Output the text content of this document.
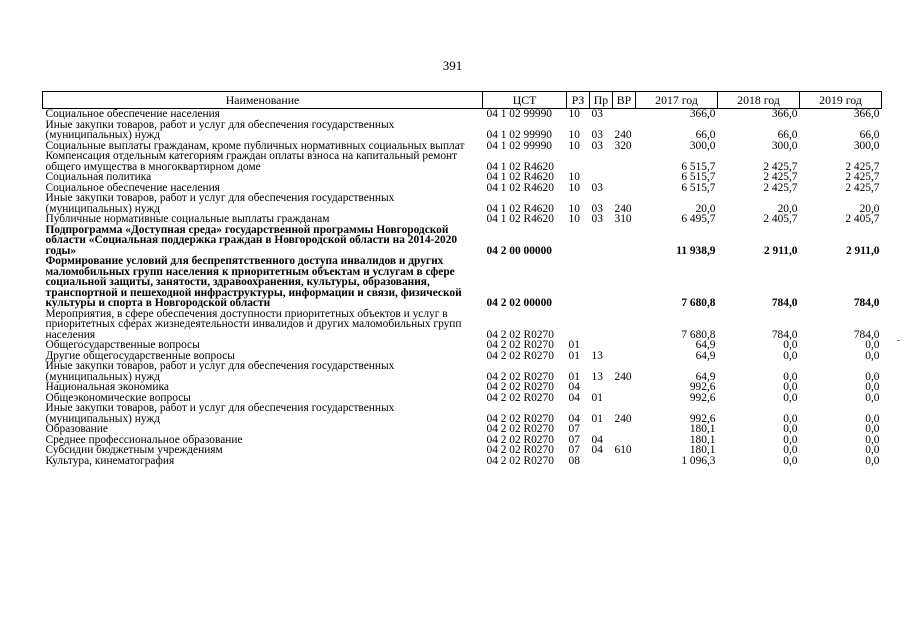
391
Наименование	ЦСТ	РЗ	Пр	ВР	2017 год	2018 год	2019 год
Социальное обеспечение населения	04 1 02 99990	10	03		366,0	366,0	366,0
Иные закупки товаров, работ и услуг для обеспечения государственных (муниципальных) нужд	04 1 02 99990	10	03	240	66,0	66,0	66,0
Социальные выплаты гражданам, кроме публичных нормативных социальных выплат	04 1 02 99990	10	03	320	300,0	300,0	300,0
Компенсация отдельным категориям граждан оплаты взноса на капитальный ремонт общего имущества в многоквартирном доме	04 1 02 R4620				6 515,7	2 425,7	2 425,7
Социальная политика	04 1 02 R4620	10			6 515,7	2 425,7	2 425,7
Социальное обеспечение населения	04 1 02 R4620	10	03		6 515,7	2 425,7	2 425,7
Иные закупки товаров, работ и услуг для обеспечения государственных (муниципальных) нужд	04 1 02 R4620	10	03	240	20,0	20,0	20,0
Публичные нормативные социальные выплаты гражданам	04 1 02 R4620	10	03	310	6 495,7	2 405,7	2 405,7
Подпрограмма «Доступная среда» государственной программы Новгородской области «Социальная поддержка граждан в Новгородской области на 2014-2020 годы»	04 2 00 00000				11 938,9	2 911,0	2 911,0
Формирование условий для беспрепятственного доступа инвалидов и других маломобильных групп населения к приоритетным объектам и услугам в сфере социальной защиты, занятости, здравоохранения, культуры, образования, транспортной и пешеходной инфраструктуры, информации и связи, физической культуры и спорта в Новгородской области	04 2 02 00000				7 680,8	784,0	784,0
Мероприятия, в сфере обеспечения доступности приоритетных объектов и услуг в приоритетных сферах жизнедеятельности инвалидов и других маломобильных групп населения	04 2 02 R0270				7 680,8	784,0	784,0
Общегосударственные вопросы	04 2 02 R0270	01			64,9	0,0	0,0
Другие общегосударственные вопросы	04 2 02 R0270	01	13		64,9	0,0	0,0
Иные закупки товаров, работ и услуг для обеспечения государственных (муниципальных) нужд	04 2 02 R0270	01	13	240	64,9	0,0	0,0
Национальная экономика	04 2 02 R0270	04			992,6	0,0	0,0
Общеэкономические вопросы	04 2 02 R0270	04	01		992,6	0,0	0,0
Иные закупки товаров, работ и услуг для обеспечения государственных (муниципальных) нужд	04 2 02 R0270	04	01	240	992,6	0,0	0,0
Образование	04 2 02 R0270	07			180,1	0,0	0,0
Среднее профессиональное образование	04 2 02 R0270	07	04		180,1	0,0	0,0
Субсидии бюджетным учреждениям	04 2 02 R0270	07	04	610	180,1	0,0	0,0
Культура, кинематография	04 2 02 R0270	08			1 096,3	0,0	0,0
